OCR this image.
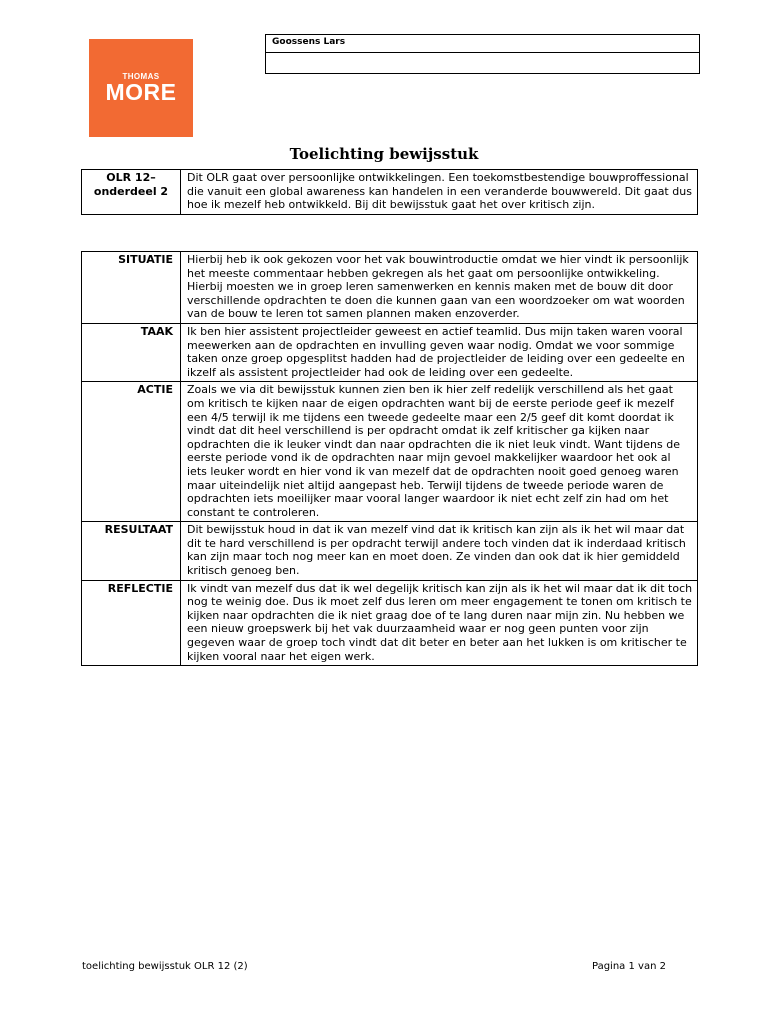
THOMAS
MORE
Goossens Lars
Toelichting bewijsstuk
OLR 12–
onderdeel 2	Dit OLR gaat over persoonlijke ontwikkelingen. Een toekomstbestendige bouwproffessional die vanuit een global awareness kan handelen in een veranderde bouwwereld. Dit gaat dus hoe ik mezelf heb ontwikkeld. Bij dit bewijsstuk gaat het over kritisch zijn.
SITUATIE	Hierbij heb ik ook gekozen voor het vak bouwintroductie omdat we hier vindt ik persoonlijk het meeste commentaar hebben gekregen als het gaat om persoonlijke ontwikkeling. Hierbij moesten we in groep leren samenwerken en kennis maken met de bouw dit door verschillende opdrachten te doen die kunnen gaan van een woordzoeker om wat woorden van de bouw te leren tot samen plannen maken enzoverder.
TAAK	Ik ben hier assistent projectleider geweest en actief teamlid. Dus mijn taken waren vooral meewerken aan de opdrachten en invulling geven waar nodig. Omdat we voor sommige taken onze groep opgesplitst hadden had de projectleider de leiding over een gedeelte en ikzelf als assistent projectleider had ook de leiding over een gedeelte.
ACTIE	Zoals we via dit bewijsstuk kunnen zien ben ik hier zelf redelijk verschillend als het gaat om kritisch te kijken naar de eigen opdrachten want bij de eerste periode geef ik mezelf een 4/5 terwijl ik me tijdens een tweede gedeelte maar een 2/5 geef dit komt doordat ik vindt dat dit heel verschillend is per opdracht omdat ik zelf kritischer ga kijken naar opdrachten die ik leuker vindt dan naar opdrachten die ik niet leuk vindt. Want tijdens de eerste periode vond ik de opdrachten naar mijn gevoel makkelijker waardoor het ook al iets leuker wordt en hier vond ik van mezelf dat de opdrachten nooit goed genoeg waren maar uiteindelijk niet altijd aangepast heb. Terwijl tijdens de tweede periode waren de opdrachten iets moeilijker maar vooral langer waardoor ik niet echt zelf zin had om het constant te controleren.
RESULTAAT	Dit bewijsstuk houd in dat ik van mezelf vind dat ik kritisch kan zijn als ik het wil maar dat dit te hard verschillend is per opdracht terwijl andere toch vinden dat ik inderdaad kritisch kan zijn maar toch nog meer kan en moet doen. Ze vinden dan ook dat ik hier gemiddeld kritisch genoeg ben.
REFLECTIE	Ik vindt van mezelf dus dat ik wel degelijk kritisch kan zijn als ik het wil maar dat ik dit toch nog te weinig doe. Dus ik moet zelf dus leren om meer engagement te tonen om kritisch te kijken naar opdrachten die ik niet graag doe of te lang duren naar mijn zin. Nu hebben we een nieuw groepswerk bij het vak duurzaamheid waar er nog geen punten voor zijn gegeven waar de groep toch vindt dat dit beter en beter aan het lukken is om kritischer te kijken vooral naar het eigen werk.
toelichting bewijsstuk OLR 12 (2)	Pagina 1 van 2
